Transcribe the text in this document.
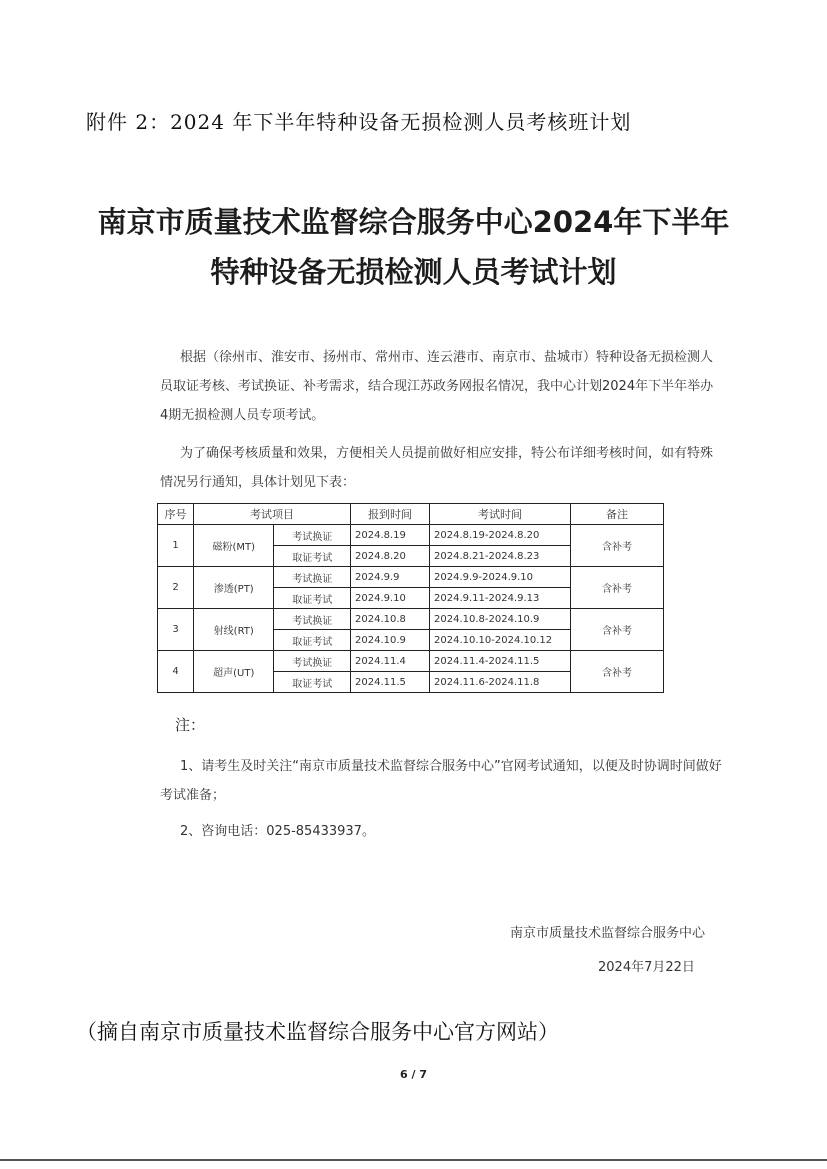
附件 2：2024 年下半年特种设备无损检测人员考核班计划
南京市质量技术监督综合服务中心2024年下半年
特种设备无损检测人员考试计划
根据（徐州市、淮安市、扬州市、常州市、连云港市、南京市、盐城市）特种设备无损检测人员取证考核、考试换证、补考需求，结合现江苏政务网报名情况，我中心计划2024年下半年举办4期无损检测人员专项考试。
为了确保考核质量和效果，方便相关人员提前做好相应安排，特公布详细考核时间，如有特殊情况另行通知，具体计划见下表：
序号	考试项目		报到时间	考试时间	备注
1	磁粉(MT)	考试换证	2024.8.19	2024.8.19-2024.8.20	含补考
		取证考试	2024.8.20	2024.8.21-2024.8.23	
2	渗透(PT)	考试换证	2024.9.9	2024.9.9-2024.9.10	含补考
		取证考试	2024.9.10	2024.9.11-2024.9.13	
3	射线(RT)	考试换证	2024.10.8	2024.10.8-2024.10.9	含补考
		取证考试	2024.10.9	2024.10.10-2024.10.12	
4	超声(UT)	考试换证	2024.11.4	2024.11.4-2024.11.5	含补考
		取证考试	2024.11.5	2024.11.6-2024.11.8	
注：
1、请考生及时关注“南京市质量技术监督综合服务中心”官网考试通知，以便及时协调时间做好考试准备；
2、咨询电话：025-85433937。
南京市质量技术监督综合服务中心
2024年7月22日
（摘自南京市质量技术监督综合服务中心官方网站）
6 / 7
